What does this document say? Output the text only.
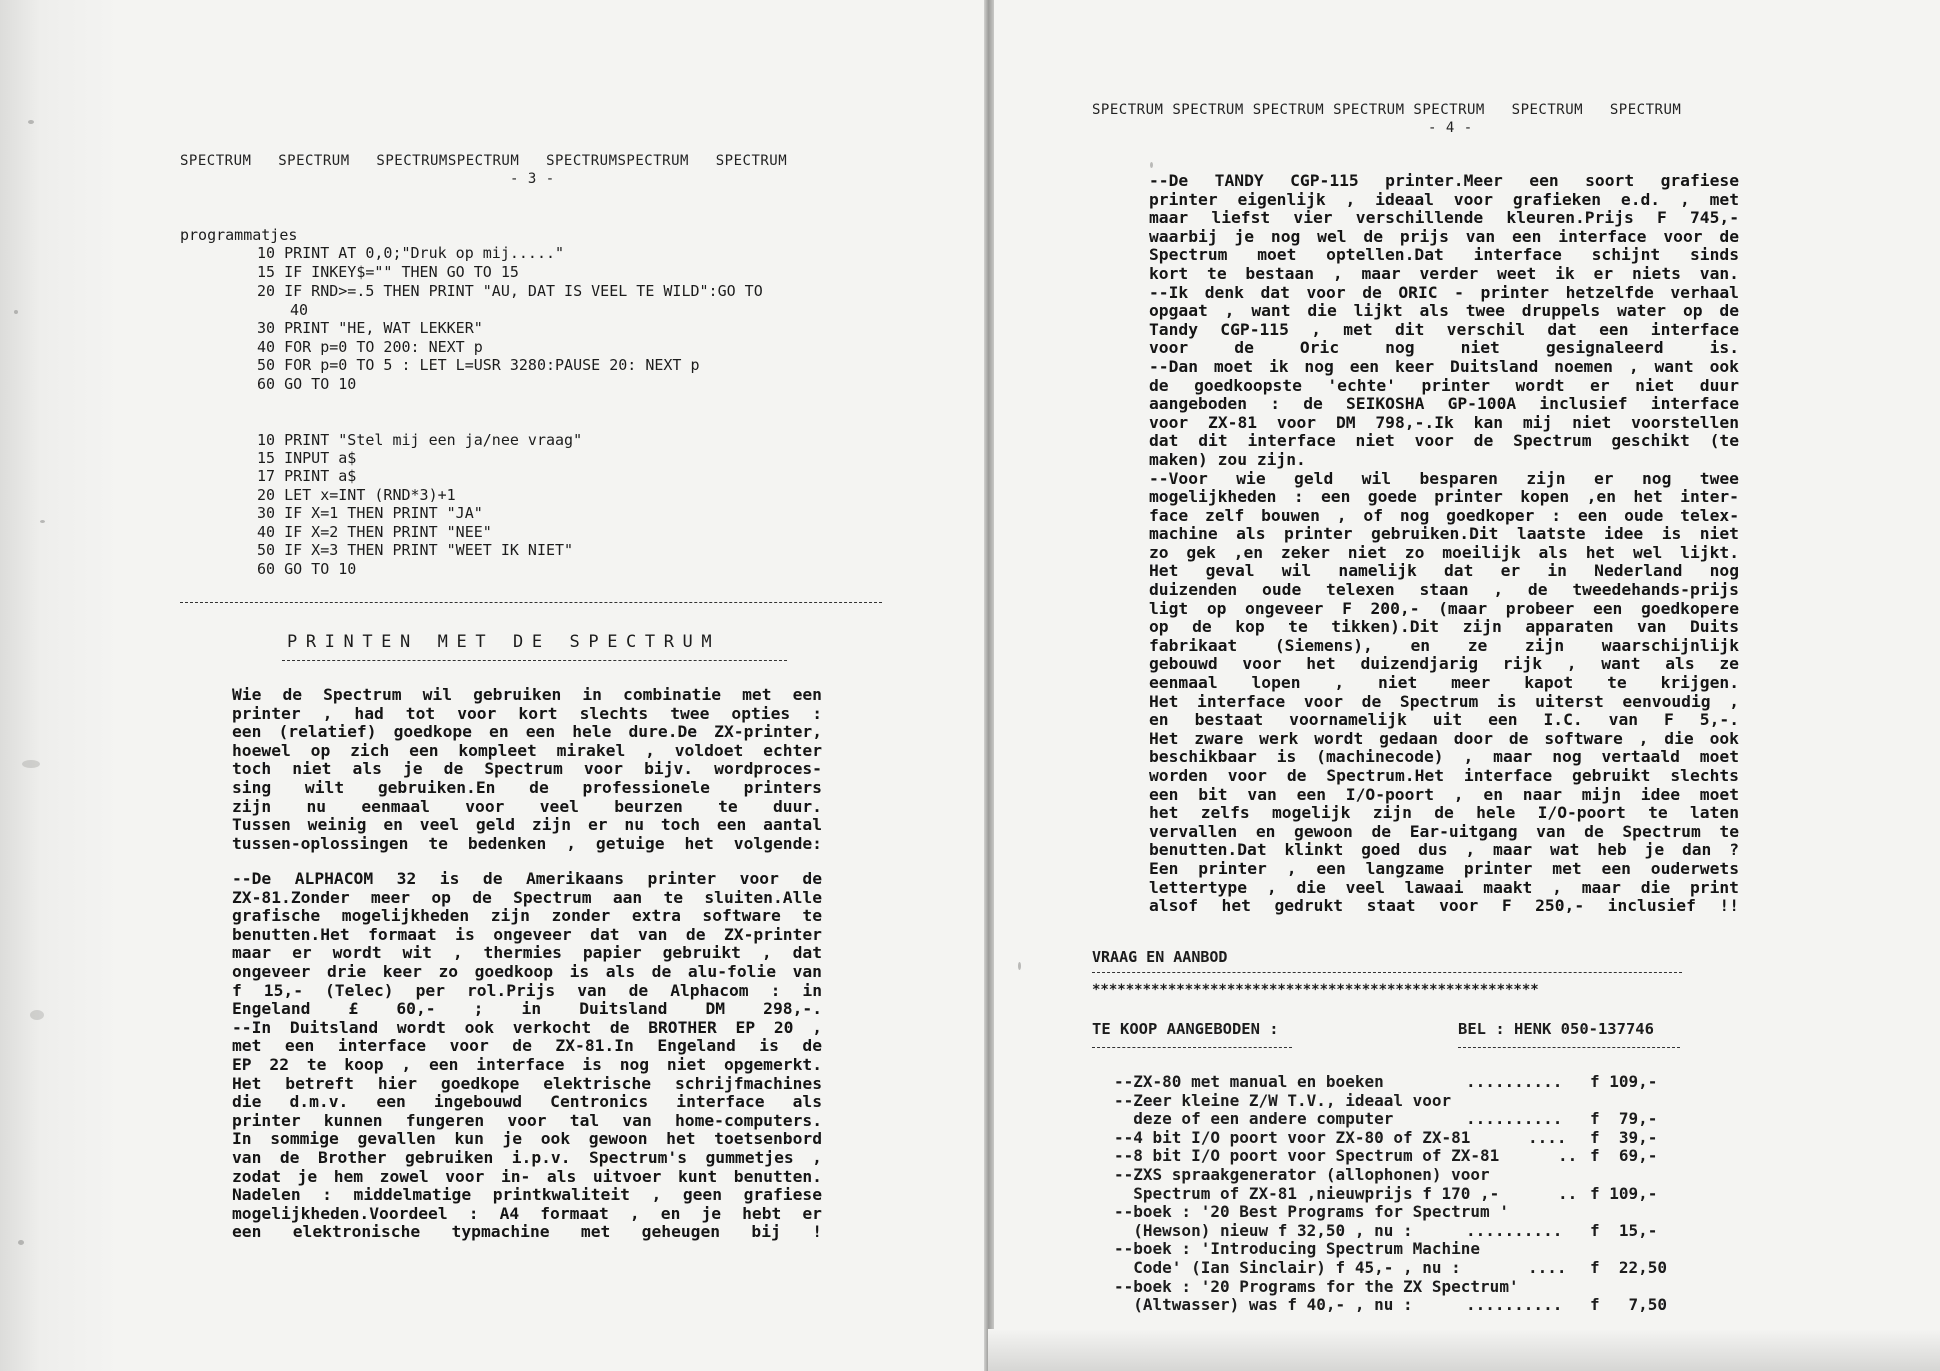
SPECTRUM   SPECTRUM   SPECTRUMSPECTRUM   SPECTRUMSPECTRUM   SPECTRUM
- 3 -
programmatjes
10 PRINT AT 0,0;"Druk op mij....."
15 IF INKEY$="" THEN GO TO 15
20 IF RND>=.5 THEN PRINT "AU, DAT IS VEEL TE WILD":GO TO
40
30 PRINT "HE, WAT LEKKER"
40 FOR p=0 TO 200: NEXT p
50 FOR p=0 TO 5 : LET L=USR 3280:PAUSE 20: NEXT p
60 GO TO 10
10 PRINT "Stel mij een ja/nee vraag"
15 INPUT a$
17 PRINT a$
20 LET x=INT (RND*3)+1
30 IF X=1 THEN PRINT "JA"
40 IF X=2 THEN PRINT "NEE"
50 IF X=3 THEN PRINT "WEET IK NIET"
60 GO TO 10
PRINTEN MET DE SPECTRUM
Wie de Spectrum wil gebruiken in combinatie met een
printer , had tot voor kort slechts twee opties :
een (relatief) goedkope en een hele dure.De ZX-printer,
hoewel op zich een kompleet mirakel , voldoet echter
toch niet als je de Spectrum voor bijv. wordproces-
sing wilt gebruiken.En de professionele printers
zijn nu eenmaal voor veel beurzen te duur.
Tussen weinig en veel geld zijn er nu toch een aantal
tussen-oplossingen te bedenken , getuige het volgende:
--De ALPHACOM 32 is de Amerikaans printer voor de
ZX-81.Zonder meer op de Spectrum aan te sluiten.Alle
grafische mogelijkheden zijn zonder extra software te
benutten.Het formaat is ongeveer dat van de ZX-printer
maar er wordt wit , thermies papier gebruikt , dat
ongeveer drie keer zo goedkoop is als de alu-folie van
f 15,- (Telec) per rol.Prijs van de Alphacom : in
Engeland £ 60,- ; in Duitsland DM 298,-.
--In Duitsland wordt ook verkocht de BROTHER EP 20 ,
met een interface voor de ZX-81.In Engeland is de
EP 22 te koop , een interface is nog niet opgemerkt.
Het betreft hier goedkope elektrische schrijfmachines
die d.m.v. een ingebouwd Centronics interface als
printer kunnen fungeren voor tal van home-computers.
In sommige gevallen kun je ook gewoon het toetsenbord
van de Brother gebruiken i.p.v. Spectrum's gummetjes ,
zodat je hem zowel voor in- als uitvoer kunt benutten.
Nadelen : middelmatige printkwaliteit , geen grafiese
mogelijkheden.Voordeel : A4 formaat , en je hebt er
een elektronische typmachine met geheugen bij !
SPECTRUM SPECTRUM SPECTRUM SPECTRUM SPECTRUM   SPECTRUM   SPECTRUM
- 4 -
--De TANDY CGP-115 printer.Meer een soort grafiese
printer eigenlijk , ideaal voor grafieken e.d. , met
maar liefst vier verschillende kleuren.Prijs F 745,-
waarbij je nog wel de prijs van een interface voor de
Spectrum moet optellen.Dat interface schijnt sinds
kort te bestaan , maar verder weet ik er niets van.
--Ik denk dat voor de ORIC - printer hetzelfde verhaal
opgaat , want die lijkt als twee druppels water op de
Tandy CGP-115 , met dit verschil dat een interface
voor de Oric nog niet gesignaleerd is.
--Dan moet ik nog een keer Duitsland noemen , want ook
de goedkoopste 'echte' printer wordt er niet duur
aangeboden : de SEIKOSHA GP-100A inclusief interface
voor ZX-81 voor DM 798,-.Ik kan mij niet voorstellen
dat dit interface niet voor de Spectrum geschikt (te
maken) zou zijn.
--Voor wie geld wil besparen zijn er nog twee
mogelijkheden : een goede printer kopen ,en het inter-
face zelf bouwen , of nog goedkoper : een oude telex-
machine als printer gebruiken.Dit laatste idee is niet
zo gek ,en zeker niet zo moeilijk als het wel lijkt.
Het geval wil namelijk dat er in Nederland nog
duizenden oude telexen staan , de tweedehands-prijs
ligt op ongeveer F 200,- (maar probeer een goedkopere
op de kop te tikken).Dit zijn apparaten van Duits
fabrikaat (Siemens), en ze zijn waarschijnlijk
gebouwd voor het duizendjarig rijk , want als ze
eenmaal lopen , niet meer kapot te krijgen.
Het interface voor de Spectrum is uiterst eenvoudig ,
en bestaat voornamelijk uit een I.C. van F 5,-.
Het zware werk wordt gedaan door de software , die ook
beschikbaar is (machinecode) , maar nog vertaald moet
worden voor de Spectrum.Het interface gebruikt slechts
een bit van een I/O-poort , en naar mijn idee moet
het zelfs mogelijk zijn de hele I/O-poort te laten
vervallen en gewoon de Ear-uitgang van de Spectrum te
benutten.Dat klinkt goed dus , maar wat heb je dan ?
Een printer , een langzame printer met een ouderwets
lettertype , die veel lawaai maakt , maar die print
alsof het gedrukt staat voor F 250,- inclusief !!
VRAAG EN AANBOD
*****************************************************
TE KOOP AANGEBODEN :	BEL : HENK 050-137746
--ZX-80 met manual en boeken	.......... f 109,-
--Zeer kleine Z/W T.V., ideaal voor
deze of een andere computer	.......... f  79,-
--4 bit I/O poort voor ZX-80 of ZX-81	.... f  39,-
--8 bit I/O poort voor Spectrum of ZX-81	.. f  69,-
--ZXS spraakgenerator (allophonen) voor
Spectrum of ZX-81 ,nieuwprijs f 170 ,-	.. f 109,-
--boek : '20 Best Programs for Spectrum '
(Hewson) nieuw f 32,50 , nu :	.......... f  15,-
--boek : 'Introducing Spectrum Machine
Code' (Ian Sinclair) f 45,- , nu :	.... f  22,50
--boek : '20 Programs for the ZX Spectrum'
(Altwasser) was f 40,- , nu :	.......... f   7,50
